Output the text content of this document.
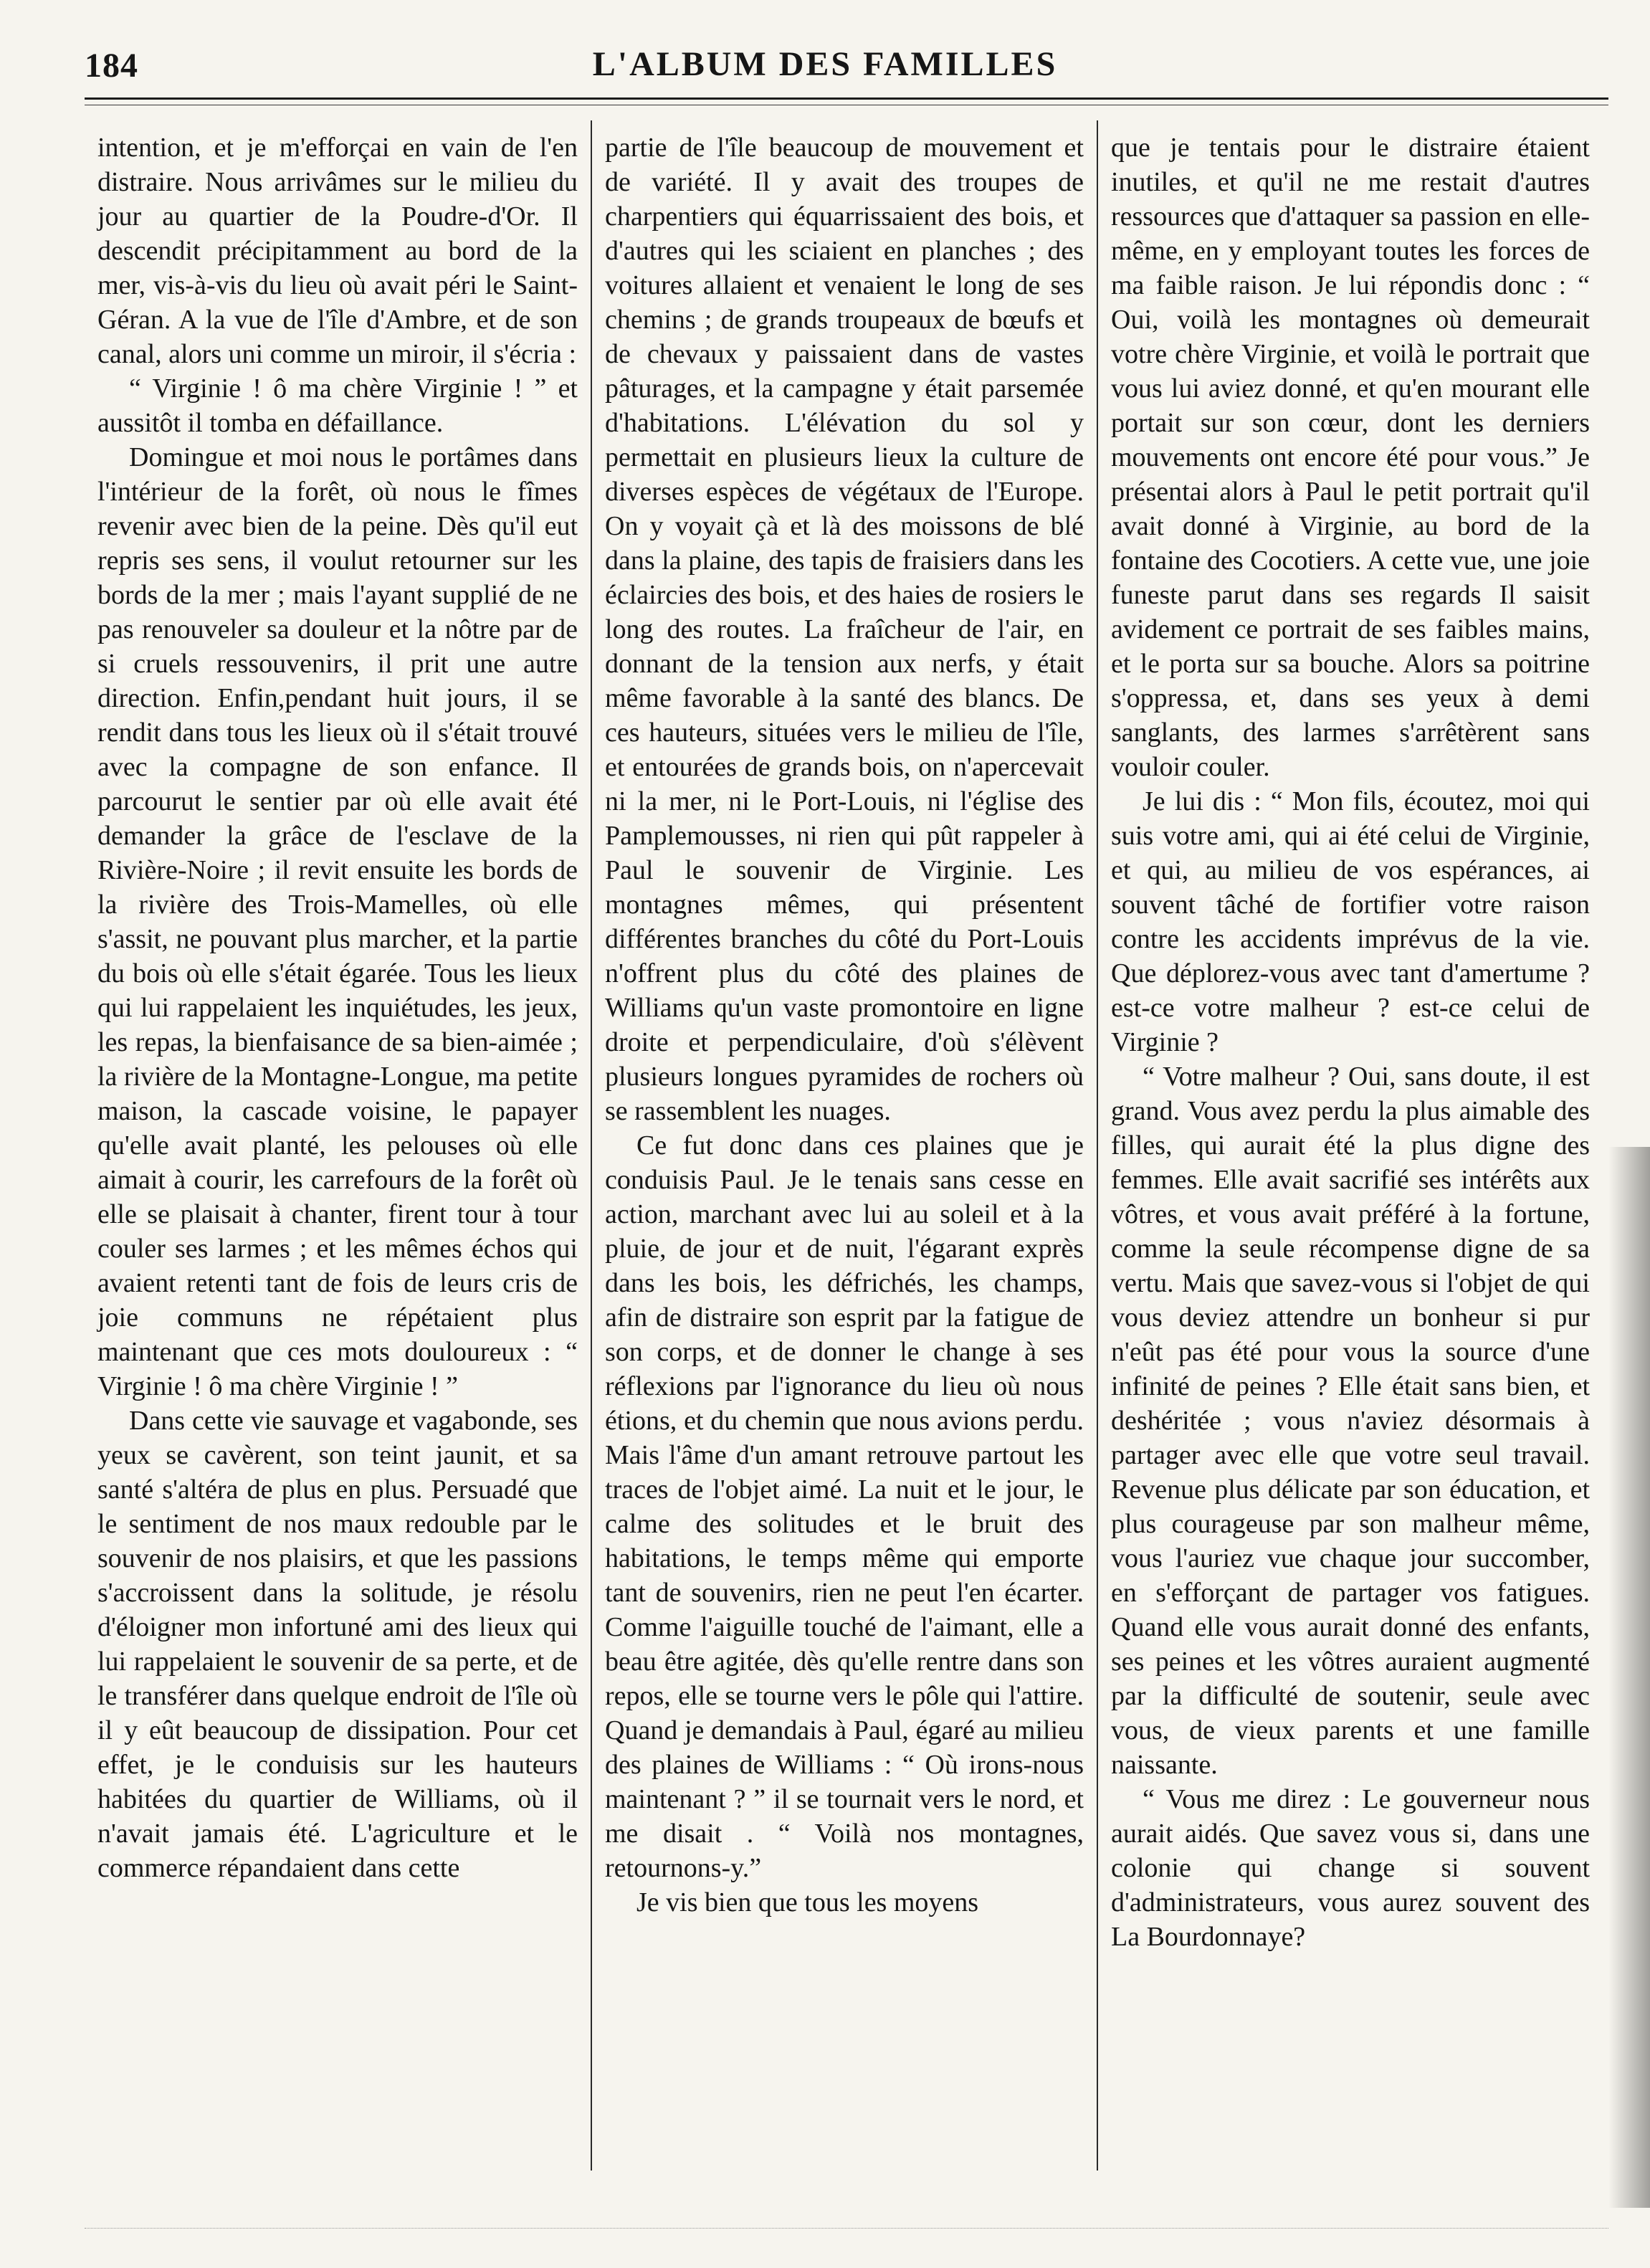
184	L'ALBUM DES FAMILLES

intention, et je m'efforçai en vain de l'en distraire. Nous arrivâmes sur le milieu du jour au quartier de la Poudre-d'Or. Il descendit précipitamment au bord de la mer, vis-à-vis du lieu où avait péri le Saint-Géran. A la vue de l'île d'Ambre, et de son canal, alors uni comme un miroir, il s'écria :

“ Virginie ! ô ma chère Virginie ! ” et aussitôt il tomba en défaillance.

Domingue et moi nous le portâmes dans l'intérieur de la forêt, où nous le fîmes revenir avec bien de la peine. Dès qu'il eut repris ses sens, il voulut retourner sur les bords de la mer ; mais l'ayant supplié de ne pas renouveler sa douleur et la nôtre par de si cruels ressouvenirs, il prit une autre direction. Enfin,pendant huit jours, il se rendit dans tous les lieux où il s'était trouvé avec la compagne de son enfance. Il parcourut le sentier par où elle avait été demander la grâce de l'esclave de la Rivière-Noire ; il revit ensuite les bords de la rivière des Trois-Mamelles, où elle s'assit, ne pouvant plus marcher, et la partie du bois où elle s'était égarée. Tous les lieux qui lui rappelaient les inquiétudes, les jeux, les repas, la bienfaisance de sa bien-aimée ; la rivière de la Montagne-Longue, ma petite maison, la cascade voisine, le papayer qu'elle avait planté, les pelouses où elle aimait à courir, les carrefours de la forêt où elle se plaisait à chanter, firent tour à tour couler ses larmes ; et les mêmes échos qui avaient retenti tant de fois de leurs cris de joie communs ne répétaient plus maintenant que ces mots douloureux : “ Virginie ! ô ma chère Virginie ! ”

Dans cette vie sauvage et vagabonde, ses yeux se cavèrent, son teint jaunit, et sa santé s'altéra de plus en plus. Persuadé que le sentiment de nos maux redouble par le souvenir de nos plaisirs, et que les passions s'accroissent dans la solitude, je résolu d'éloigner mon infortuné ami des lieux qui lui rappelaient le souvenir de sa perte, et de le transférer dans quelque endroit de l'île où il y eût beaucoup de dissipation. Pour cet effet, je le conduisis sur les hauteurs habitées du quartier de Williams, où il n'avait jamais été. L'agriculture et le commerce répandaient dans cette

partie de l'île beaucoup de mouvement et de variété. Il y avait des troupes de charpentiers qui équarrissaient des bois, et d'autres qui les sciaient en planches ; des voitures allaient et venaient le long de ses chemins ; de grands troupeaux de bœufs et de chevaux y paissaient dans de vastes pâturages, et la campagne y était parsemée d'habitations. L'élévation du sol y permettait en plusieurs lieux la culture de diverses espèces de végétaux de l'Europe. On y voyait çà et là des moissons de blé dans la plaine, des tapis de fraisiers dans les éclaircies des bois, et des haies de rosiers le long des routes. La fraîcheur de l'air, en donnant de la tension aux nerfs, y était même favorable à la santé des blancs. De ces hauteurs, situées vers le milieu de l'île, et entourées de grands bois, on n'apercevait ni la mer, ni le Port-Louis, ni l'église des Pamplemousses, ni rien qui pût rappeler à Paul le souvenir de Virginie. Les montagnes mêmes, qui présentent différentes branches du côté du Port-Louis n'offrent plus du côté des plaines de Williams qu'un vaste promontoire en ligne droite et perpendiculaire, d'où s'élèvent plusieurs longues pyramides de rochers où se rassemblent les nuages.

Ce fut donc dans ces plaines que je conduisis Paul. Je le tenais sans cesse en action, marchant avec lui au soleil et à la pluie, de jour et de nuit, l'égarant exprès dans les bois, les défrichés, les champs, afin de distraire son esprit par la fatigue de son corps, et de donner le change à ses réflexions par l'ignorance du lieu où nous étions, et du chemin que nous avions perdu. Mais l'âme d'un amant retrouve partout les traces de l'objet aimé. La nuit et le jour, le calme des solitudes et le bruit des habitations, le temps même qui emporte tant de souvenirs, rien ne peut l'en écarter. Comme l'aiguille touché de l'aimant, elle a beau être agitée, dès qu'elle rentre dans son repos, elle se tourne vers le pôle qui l'attire. Quand je demandais à Paul, égaré au milieu des plaines de Williams : “ Où irons-nous maintenant ? ” il se tournait vers le nord, et me disait . “ Voilà nos montagnes, retournons-y.”

Je vis bien que tous les moyens

que je tentais pour le distraire étaient inutiles, et qu'il ne me restait d'autres ressources que d'attaquer sa passion en elle-même, en y employant toutes les forces de ma faible raison. Je lui répondis donc : “ Oui, voilà les montagnes où demeurait votre chère Virginie, et voilà le portrait que vous lui aviez donné, et qu'en mourant elle portait sur son cœur, dont les derniers mouvements ont encore été pour vous.” Je présentai alors à Paul le petit portrait qu'il avait donné à Virginie, au bord de la fontaine des Cocotiers. A cette vue, une joie funeste parut dans ses regards Il saisit avidement ce portrait de ses faibles mains, et le porta sur sa bouche. Alors sa poitrine s'oppressa, et, dans ses yeux à demi sanglants, des larmes s'arrêtèrent sans vouloir couler.

Je lui dis : “ Mon fils, écoutez, moi qui suis votre ami, qui ai été celui de Virginie, et qui, au milieu de vos espérances, ai souvent tâché de fortifier votre raison contre les accidents imprévus de la vie. Que déplorez-vous avec tant d'amertume ? est-ce votre malheur ? est-ce celui de Virginie ?

“ Votre malheur ? Oui, sans doute, il est grand. Vous avez perdu la plus aimable des filles, qui aurait été la plus digne des femmes. Elle avait sacrifié ses intérêts aux vôtres, et vous avait préféré à la fortune, comme la seule récompense digne de sa vertu. Mais que savez-vous si l'objet de qui vous deviez attendre un bonheur si pur n'eût pas été pour vous la source d'une infinité de peines ? Elle était sans bien, et deshéritée ; vous n'aviez désormais à partager avec elle que votre seul travail. Revenue plus délicate par son éducation, et plus courageuse par son malheur même, vous l'auriez vue chaque jour succomber, en s'efforçant de partager vos fatigues. Quand elle vous aurait donné des enfants, ses peines et les vôtres auraient augmenté par la difficulté de soutenir, seule avec vous, de vieux parents et une famille naissante.

“ Vous me direz : Le gouverneur nous aurait aidés. Que savez vous si, dans une colonie qui change si souvent d'administrateurs, vous aurez souvent des La Bourdonnaye?
